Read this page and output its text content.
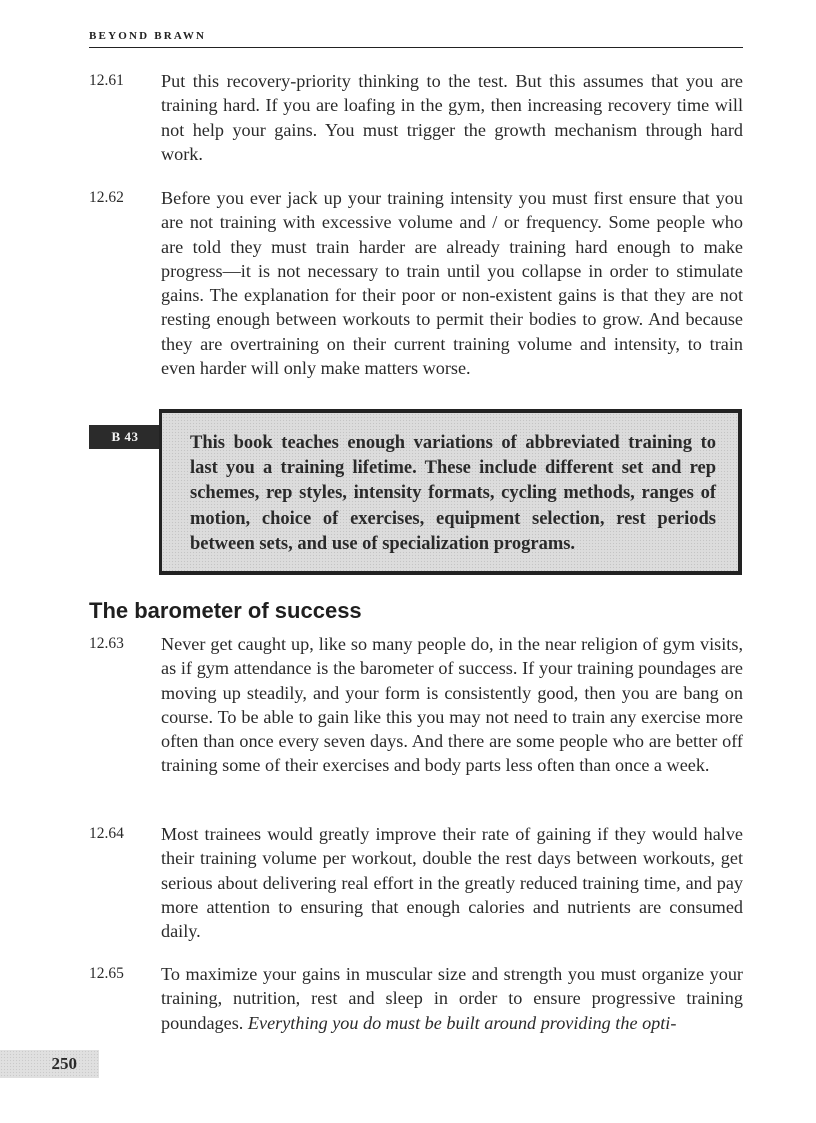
BEYOND BRAWN
12.61	Put this recovery-priority thinking to the test. But this assumes that you are training hard. If you are loafing in the gym, then increasing recovery time will not help your gains. You must trigger the growth mechanism through hard work.
12.62	Before you ever jack up your training intensity you must first ensure that you are not training with excessive volume and / or frequency. Some people who are told they must train harder are already training hard enough to make progress—it is not necessary to train until you collapse in order to stimulate gains. The explanation for their poor or non-existent gains is that they are not resting enough between workouts to permit their bodies to grow. And because they are overtraining on their current training volume and intensity, to train even harder will only make matters worse.
B 43	This book teaches enough variations of abbreviated training to last you a training lifetime. These include different set and rep schemes, rep styles, intensity formats, cycling methods, ranges of motion, choice of exercises, equipment selection, rest periods between sets, and use of specialization programs.
The barometer of success
12.63	Never get caught up, like so many people do, in the near religion of gym visits, as if gym attendance is the barometer of success. If your training poundages are moving up steadily, and your form is consistently good, then you are bang on course. To be able to gain like this you may not need to train any exercise more often than once every seven days. And there are some people who are better off training some of their exercises and body parts less often than once a week.
12.64	Most trainees would greatly improve their rate of gaining if they would halve their training volume per workout, double the rest days between workouts, get serious about delivering real effort in the greatly reduced training time, and pay more attention to ensuring that enough calories and nutrients are consumed daily.
12.65	To maximize your gains in muscular size and strength you must organize your training, nutrition, rest and sleep in order to ensure progressive training poundages. Everything you do must be built around providing the opti-
250
